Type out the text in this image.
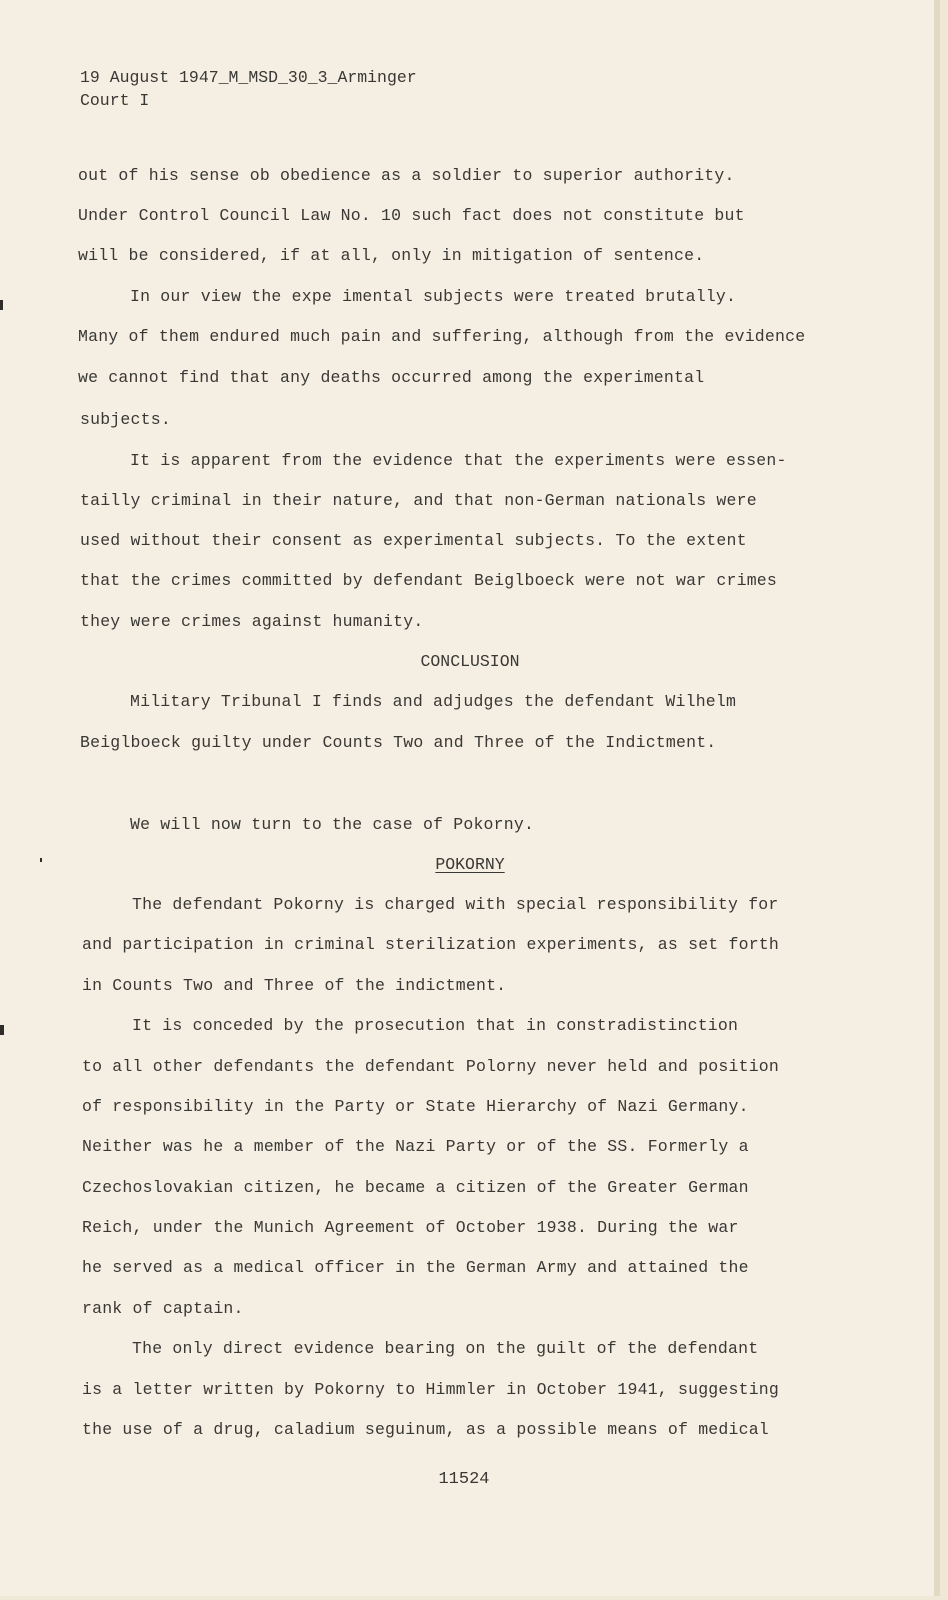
19 August 1947_M_MSD_30_3_Arminger
Court I
out of his sense ob obedience as a soldier to superior authority.
Under Control Council Law No. 10 such fact does not constitute but
will be considered, if at all, only in mitigation of sentence.
In our view the expe imental subjects were treated brutally.
Many of them endured much pain and suffering, although from the evidence
we cannot find that any deaths occurred among the experimental
subjects.
It is apparent from the evidence that the experiments were essen-
tailly criminal in their nature, and that non-German nationals were
used without their consent as experimental subjects. To the extent
that the crimes committed by defendant Beiglboeck were not war crimes
they were crimes against humanity.
CONCLUSION
Military Tribunal I finds and adjudges the defendant Wilhelm
Beiglboeck guilty under Counts Two and Three of the Indictment.
We will now turn to the case of Pokorny.
POKORNY
The defendant Pokorny is charged with special responsibility for
and participation in criminal sterilization experiments, as set forth
in Counts Two and Three of the indictment.
It is conceded by the prosecution that in constradistinction
to all other defendants the defendant Polorny never held and position
of responsibility in the Party or State Hierarchy of Nazi Germany.
Neither was he a member of the Nazi Party or of the SS. Formerly a
Czechoslovakian citizen, he became a citizen of the Greater German
Reich, under the Munich Agreement of October 1938. During the war
he served as a medical officer in the German Army and attained the
rank of captain.
The only direct evidence bearing on the guilt of the defendant
is a letter written by Pokorny to Himmler in October 1941, suggesting
the use of a drug, caladium seguinum, as a possible means of medical
11524
